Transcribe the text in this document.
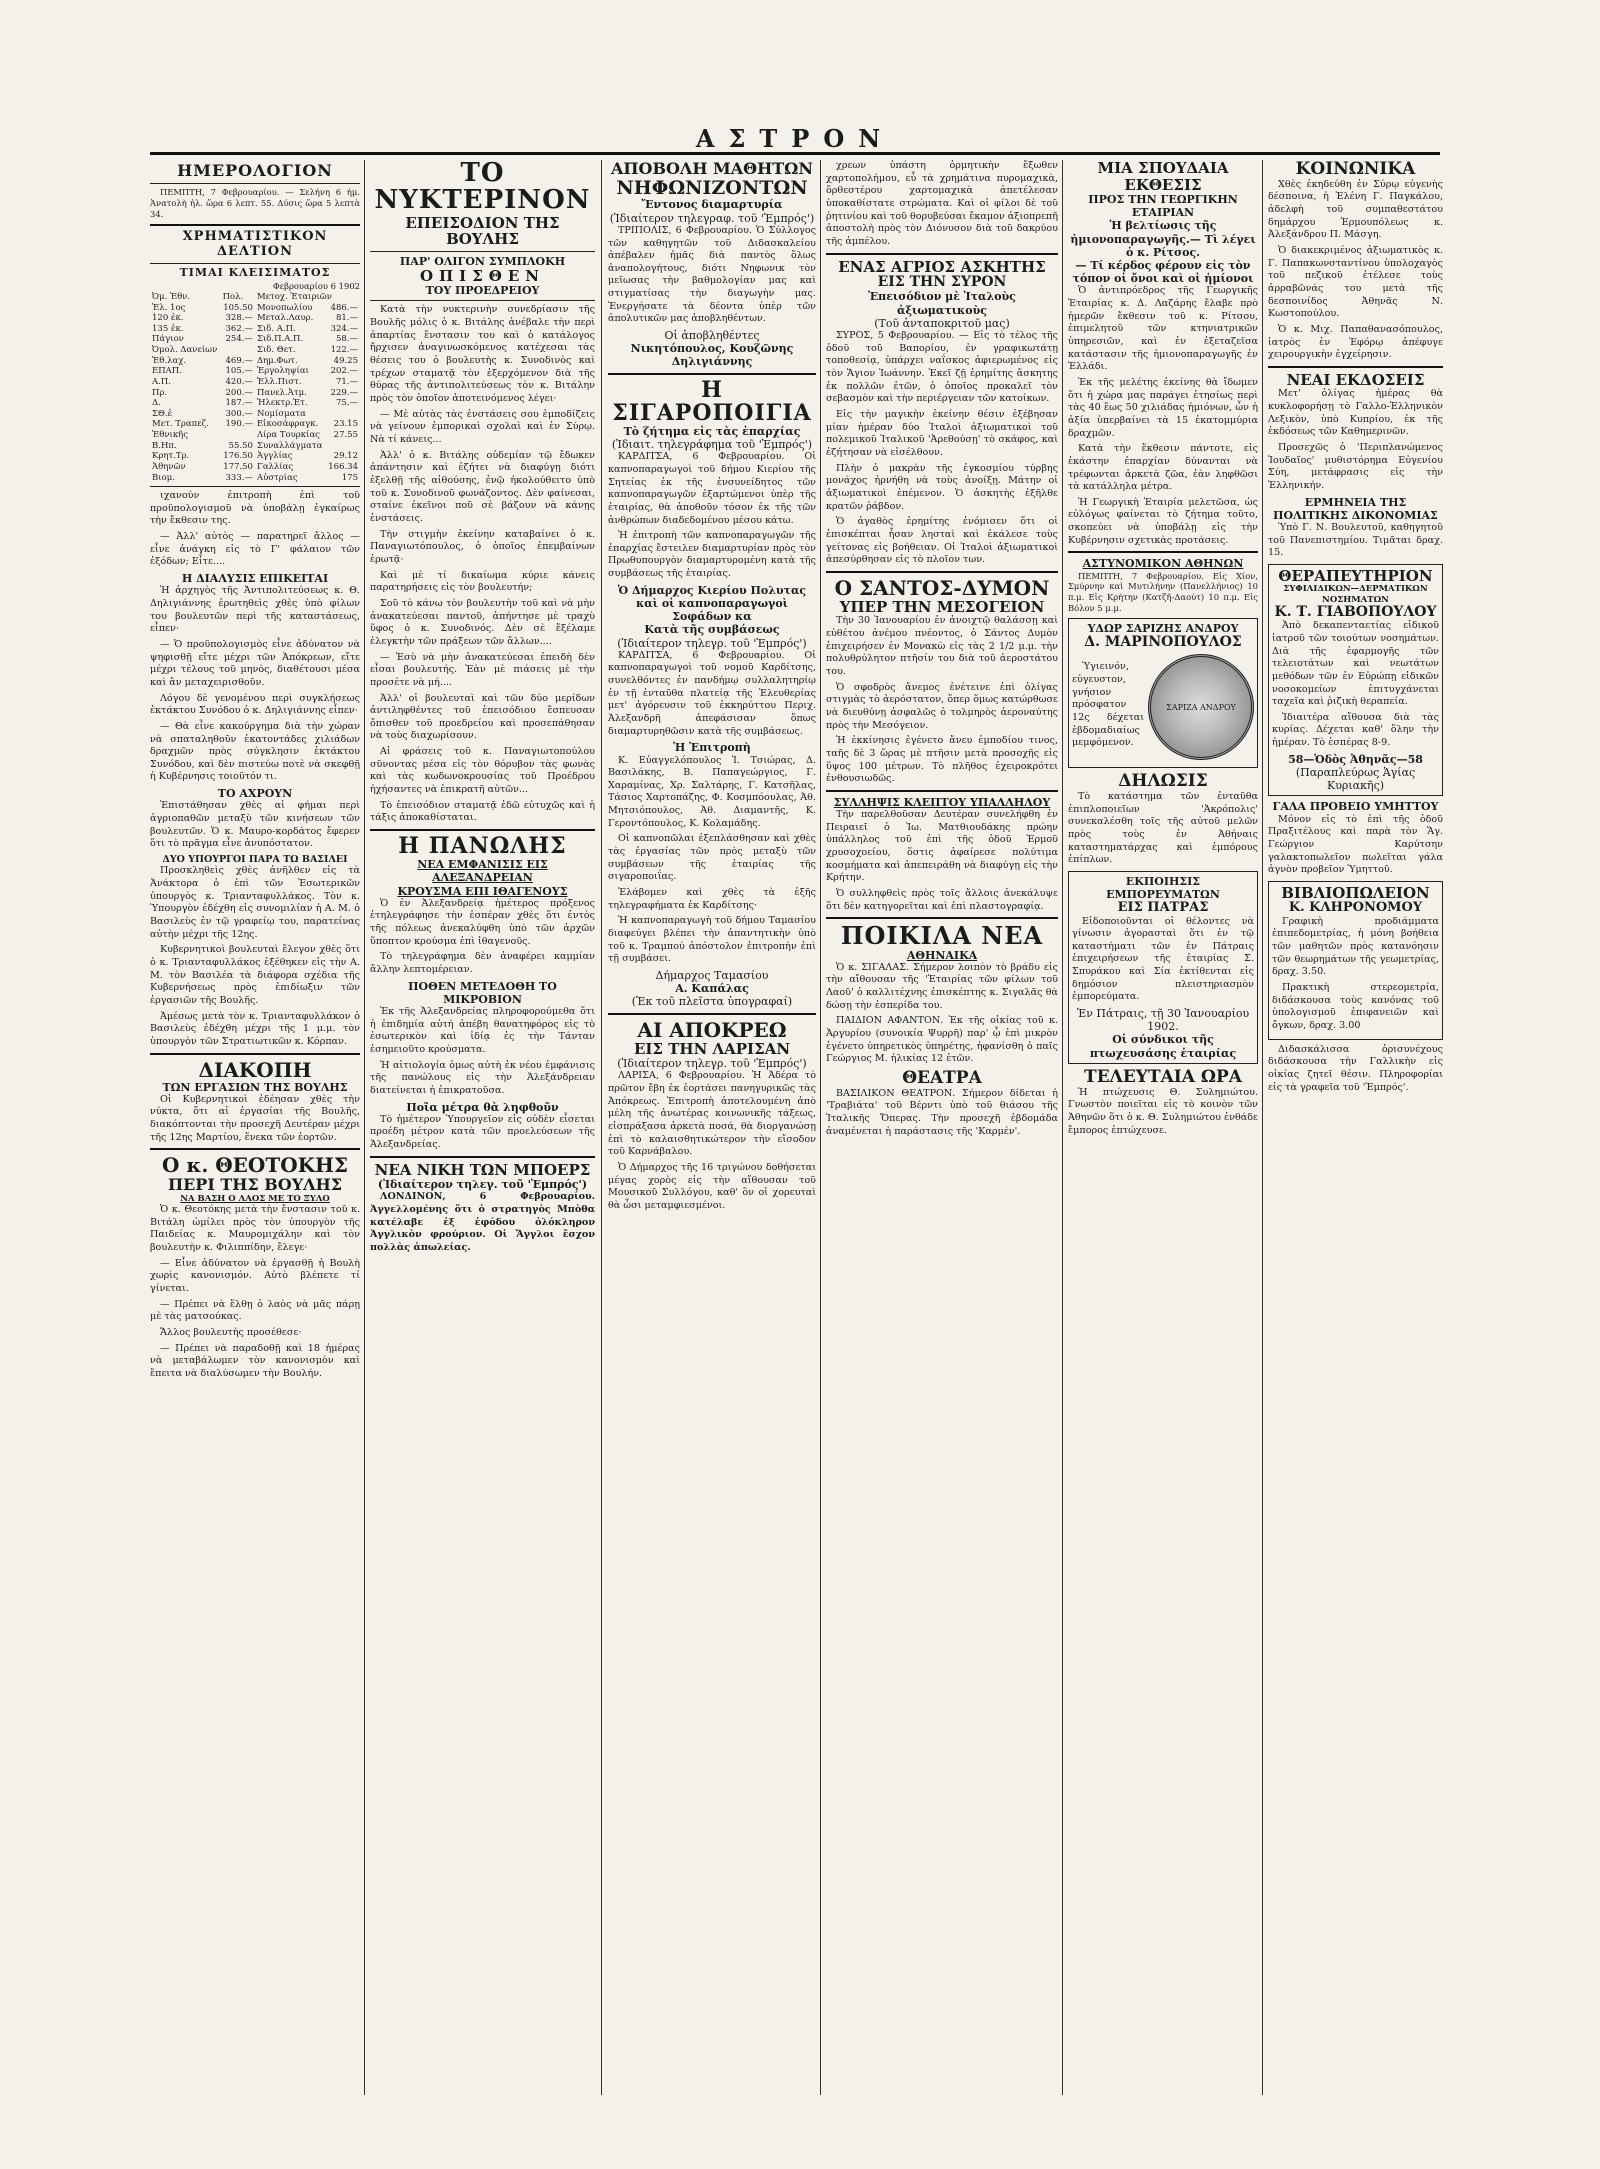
ΑΣΤΡΟΝ
ΗΜΕΡΟΛΟΓΙΟΝ

ΠΕΜΠΤΗ, 7 Φεβρουαρίου. — Σελήνη 6 ήμ. Ἀνατολὴ ἡλ. ὥρα 6 λεπτ. 55. Δύσις ὥρα 5 λεπτὰ 34.

ΧΡΗΜΑΤΙΣΤΙΚΟΝ ΔΕΛΤΙΟΝ
ΤΙΜΑΙ ΚΛΕΙΣΙΜΑΤΟΣ
Φεβρουαρίου 6 1902
Ὀμ. Ἐθν.	Πολ.	Μετοχ. Ἐταιριῶν	
Ἐλ. 1ος	105.50	Μονοπωλίου	486.—
120 ἐκ.	328.—	Μεταλ.Λαυρ.	81.—
135 ἐκ.	362.—	Σιδ. Α.Π.	324.—
Πάγιον	254.—	Σιδ.Π.Α.Π.	58.—
Ὀμολ. Δανείων		Σιδ. Θετ.	122.—
Ἐθ.λαχ.	469.—	Δημ.Φωτ.	49.25
ΕΠΑΠ.	105.—	Ἐργοληψίαι	202.—
Α.Π.	420.—	Ἑλλ.Πιστ.	71.—
Πρ.	200.—	Πανελ.Ἀτμ.	229.—
Δ.	187.—	Ἠλεκτρ.Ἑτ.	75.—
ΣΘ.ἐ	300.—	Νομίσματα	
Μετ. Τραπεζ.	190.—	Εἰκοσάφραγκ.	23.15
Ἐθνικῆς		Λίρα Τουρκίας	27.55
Β.Ηπ.	55.50	Συναλλάγματα	
Κρητ.Τρ.	176.50	Ἀγγλίας	29.12
Ἀθηνῶν	177.50	Γαλλίας	166.34
Βιομ.	333.—	Αὐστρίας	175

ιχανούν ἐπιτροπὴ ἐπὶ τοῦ προϋπολογισμοῦ νὰ ὑποβάλῃ ἐγκαίρως τὴν ἔκθεσιν της.

— Ἀλλ' αὐτὸς — παρατηρεῖ ἄλλος — εἶνε ἀνάγκη εἰς τὸ Γ' φάλαιον τῶν ἐξόδων; Εἶτε....

Η ΔΙΑΛΥΣΙΣ ΕΠΙΚΕΙΤΑΙ

Ἡ ἀρχηγὸς τῆς Ἀντιπολιτεύσεως κ. Θ. Δηλιγιάννης ἐρωτηθεὶς χθὲς ὑπὸ φίλων του βουλευτῶν περὶ τῆς καταστάσεως, εἶπεν·

— Ὁ προϋπολογισμὸς εἶνε ἀδύνατον νὰ ψηφισθῇ εἴτε μέχρι τῶν Ἀπόκρεων, εἴτε μέχρι τέλους τοῦ μηνὸς, διαθέτουσι μέσα καὶ ἂν μεταχειρισθοῦν.

Λόγου δὲ γενομένου περὶ συγκλήσεως ἐκτάκτου Συνόδου ὁ κ. Δηλιγιάννης εἶπεν·

— Θὰ εἶνε κακούργημα διὰ τὴν χώραν νὰ σπαταληθοῦν ἑκατοντάδες χιλιάδων δραχμῶν πρὸς σύγκλησιν ἐκτάκτου Συνόδου, καὶ δὲν πιστεύω ποτὲ νὰ σκεφθῇ ἡ Κυβέρνησις τοιοῦτόν τι.

ΤΟ ΑΧΡΟΥΝ

Ἐπιστάθησαν χθὲς αἱ φήμαι περὶ ἀγριοπαθῶν μεταξὺ τῶν κινήσεων τῶν βουλευτῶν. Ὁ κ. Μαυρο-κορδάτος ἔφερεν ὅτι τὸ πρᾶγμα εἶνε ἀνυπόστατον.

ΔΥΟ ΥΠΟΥΡΓΟΙ ΠΑΡΑ ΤΩ ΒΑΣΙΛΕΙ

Προσκληθεὶς χθὲς ἀνῆλθεν εἰς τὰ Ἀνάκτορα ὁ ἐπὶ τῶν Ἐσωτερικῶν ὑπουργὸς κ. Τριανταφυλλάκος. Τὸν κ. Ὑπουργὸν ἐδέχθη εἰς συνομιλίαν ἡ Α. Μ. ὁ Βασιλεὺς ἐν τῷ γραφείῳ του, παρατείνας αὐτὴν μέχρι τῆς 12ης.

Κυβερνητικοὶ βουλευταὶ ἔλεγον χθὲς ὅτι ὁ κ. Τριανταφυλλάκος ἐξέθηκεν εἰς τὴν Α. Μ. τὸν Βασιλέα τὰ διάφορα σχέδια τῆς Κυβερνήσεως πρὸς ἐπιδίωξιν τῶν ἐργασιῶν τῆς Βουλῆς.

Ἀμέσως μετὰ τὸν κ. Τριανταφυλλάκον ὁ Βασιλεὺς ἐδέχθη μέχρι τῆς 1 μ.μ. τὸν ὑπουργὸν τῶν Στρατιωτικῶν κ. Κόρπαν.

ΔΙΑΚΟΠΗ
ΤΩΝ ΕΡΓΑΣΙΩΝ ΤΗΣ ΒΟΥΛΗΣ

Οἱ Κυβερνητικοὶ ἐδέησαν χθὲς τὴν νύκτα, ὅτι αἱ ἐργασίαι τῆς Βουλῆς, διακόπτονται τὴν προσεχῆ Δευτέραν μέχρι τῆς 12ης Μαρτίου, ἕνεκα τῶν ἑορτῶν.

Ο κ. ΘΕΟΤΟΚΗΣ
ΠΕΡΙ ΤΗΣ ΒΟΥΛΗΣ
ΝΑ ΒΑΣΗ Ο ΛΑΟΣ ΜΕ ΤΟ ΞΥΛΟ

Ὁ κ. Θεοτόκης μετὰ τὴν ἔνστασιν τοῦ κ. Βιτάλη ὡμίλει πρὸς τὸν ὑπουργὸν τῆς Παιδείας κ. Μαυρομιχάλην καὶ τὸν βουλευτὴν κ. Φιλιππίδην, ἔλεγε·

— Εἶνε ἀδύνατον νὰ ἐργασθῇ ἡ Βουλὴ χωρὶς κανονισμόν. Αὐτὸ βλέπετε τί γίνεται.

— Πρέπει νὰ ἔλθῃ ὁ λαὸς νὰ μᾶς πάρῃ μὲ τὰς ματσούκας.

Ἄλλος βουλευτὴς προσέθεσε·

— Πρέπει νὰ παραδοθῇ καὶ 18 ἡμέρας νὰ μεταβάλωμεν τὸν κανονισμὸν καὶ ἔπειτα νὰ διαλύσωμεν τὴν Βουλήν.

ΤΟ ΝΥΚΤΕΡΙΝΟΝ
ΕΠΕΙΣΟΔΙΟΝ ΤΗΣ ΒΟΥΛΗΣ
ΠΑΡ' ΟΛΙΓΟΝ ΣΥΜΠΛΟΚΗ
ΟΠΙΣΘΕΝ
ΤΟΥ ΠΡΟΕΔΡΕΙΟΥ

Κατὰ τὴν νυκτερινὴν συνεδρίασιν τῆς Βουλῆς μόλις ὁ κ. Βιτάλης ἀνέβαλε τὴν περὶ ἀπαρτίας ἔνστασιν του καὶ ὁ κατάλογος ἤρχισεν ἀναγινωσκόμενος κατέχεσαι τὰς θέσεις του ὁ βουλευτὴς κ. Συνοδινὸς καὶ τρέχων σταματᾷ τὸν ἐξερχόμενον διὰ τῆς θύρας τῆς ἀντιπολιτεύσεως τὸν κ. Βιτάλην πρὸς τὸν ὁποῖον ἀποτεινόμενος λέγει·

— Μὲ αὐτὰς τὰς ἐνστάσεις σου ἐμποδίζεις νὰ γείνουν ἐμπορικαὶ σχολαὶ καὶ ἐν Σύρῳ. Νὰ τί κάνεις...

Ἀλλ' ὁ κ. Βιτάλης οὐδεμίαν τῷ ἔδωκεν ἀπάντησιν καὶ ἐζήτει νὰ διαφύγῃ διότι ἐξελθῇ τῆς αἰθούσης, ἐνῷ ἠκολούθειτο ὑπὸ τοῦ κ. Συνοδινοῦ φωνάζοντος. Δὲν φαίνεσαι, σταίνε ἐκεῖνοι ποῦ σὲ βάζουν νὰ κάνῃς ἐνστάσεις.

Τὴν στιγμὴν ἐκείνην καταβαίνει ὁ κ. Παναγιωτόπουλος, ὁ ὁποῖος ἐπεμβαίνων ἐρωτᾷ·

Καὶ μὲ τί δικαίωμα κύριε κάνεις παρατηρήσεις εἰς τὸν βουλευτήν;

Σοῦ τὸ κάνω τὸν βουλευτὴν τοῦ καὶ νὰ μὴν ἀνακατεύεσαι παντοῦ, ἀπήντησε μὲ τραχὺ ὕφος ὁ κ. Συνοδινός. Δὲν σὲ ἔξέλαμε ἐλεγκτὴν τῶν πράξεων τῶν ἄλλων....

— Ἐσὺ νὰ μὴν ἀνακατεύεσαι ἐπειδὴ δὲν εἶσαι βουλευτής. Ἐὰν μὲ πιάσεις μὲ τὴν προσέτε νὰ μή....

Ἀλλ' οἱ βουλευταὶ καὶ τῶν δύο μερίδων ἀντιληφθέντες τοῦ ἐπεισόδιου ἔσπευσαν ὄπισθεν τοῦ προεδρείου καὶ προσεπάθησαν νὰ τοὺς διαχωρίσουν.

Αἱ φράσεις τοῦ κ. Παναγιωτοπούλου σῦνοντας μέσα εἰς τὸν θόρυβον τὰς φωνὰς καὶ τὰς κωδωνοκρουσίας τοῦ Προέδρου ἠχήσαντες νὰ ἐπικρατῆ αὐτῶν...

Τὸ ἐπεισόδιον σταματᾷ ἐδῶ εὐτυχῶς καὶ ἡ τάξις ἀποκαθίσταται.

Η ΠΑΝΩΛΗΣ
ΝΕΑ ΕΜΦΑΝΙΣΙΣ ΕΙΣ ΑΛΕΞΑΝΔΡΕΙΑΝ
ΚΡΟΥΣΜΑ ΕΠΙ ΙΘΑΓΕΝΟΥΣ

Ὁ ἐν Ἀλεξανδρείᾳ ἡμέτερος πρόξενος ἐτηλεγράφησε τὴν ἑσπέραν χθὲς ὅτι ἐντὸς τῆς πόλεως ἀνεκαλύφθη ὑπὸ τῶν ἀρχῶν ὕποπτον κρούσμα ἐπὶ ἰθαγενοῦς.

Τὸ τηλεγράφημα δὲν ἀναφέρει καμμίαν ἄλλην λεπτομέρειαν.

ΠΟΘΕΝ ΜΕΤΕΔΟΘΗ ΤΟ ΜΙΚΡΟΒΙΟΝ

Ἐκ τῆς Ἀλεξανδρείας πληροφορούμεθα ὅτι ἡ ἐπιδημία αὐτή ἀπέβη θανατηφόρος εἰς τὸ ἐσωτερικὸν καὶ ἰδίᾳ ἐς τὴν Τάνταν ἐσημειοῦτο κρούσματα.

Ἡ αἰτιολογία ὁμως αὐτὴ ἐκ νέου ἐμφάνισις τῆς πανώλους εἰς τὴν Ἀλεξάνδρειαν διατείνεται ἡ ἐπικρατοῦσα.

Ποῖα μέτρα θὰ ληφθοῦν

Τὸ ἡμέτερον Ὑπουργεῖον εἰς οὐδὲν εἶσεται προέδη μέτρον κατὰ τῶν προελεύσεων τῆς Ἀλεξανδρείας.

ΝΕΑ ΝΙΚΗ ΤΩΝ ΜΠΟΕΡΣ
(Ἰδιαίτερον τηλεγ. τοῦ 'Ἐμπρός')

ΛΟΝΔΙΝΟΝ, 6 Φεβρουαρίου. Ἀγγελλομένης ὅτι ὁ στρατηγὸς Μπὸθα κατέλαβε ἐξ ἐφόδου ὁλόκληρον Ἀγγλικὸν φρούριον. Οἱ Ἄγγλοι ἔσχον πολλὰς ἀπωλείας.

ΑΠΟΒΟΛΗ ΜΑΘΗΤΩΝ
ΝΗΦΩΝΙΖΟΝΤΩΝ
Ἔντονος διαμαρτυρία
(Ἰδιαίτερον τηλεγραφ. τοῦ 'Ἐμπρός')

ΤΡΙΠΟΛΙΣ, 6 Φεβρουαρίου. Ὁ Σύλλογος τῶν καθηγητῶν τοῦ Διδασκαλείου ἀπέβαλεν ἡμᾶς διὰ παντὸς ὅλως ἀναπολογήτους, διότι Νηφωνικ τὸν μεῖωσας τὴν βαθμολογίαν μας καὶ στιγματίσας τὴν διαγωγὴν μας. Ἐνεργήσατε τὰ δέοντα ὑπὲρ τῶν ἀπολυτικῶν μας ἀποβληθέντων.

Οἱ ἀποβληθέντες
Νικητόπουλος, Κουζῶνης Δηλιγιάννης
Η ΣΙΓΑΡΟΠΟΙΓΙΑ
Τὸ ζήτημα εἰς τὰς ἐπαρχίας
(Ἰδιαιτ. τηλεγράφημα τοῦ 'Ἐμπρός')

ΚΑΡΔΙΤΣΑ, 6 Φεβρουαρίου. Οἱ καπνοπαραγωγοὶ τοῦ δήμου Κιερίου τῆς Σητείας ἐκ τῆς ἐνσυνείδητος τῶν καπνοπαραγωγῶν ἐξαρτώμενοι ὑπὲρ τῆς ἑταιρίας, θὰ ἀποθοῦν τόσον ἐκ τῆς τῶν ἀνθρώπων διαδεδομένου μέσου κάτω.

Ἡ ἐπιτροπὴ τῶν καπνοπαραγωγῶν τῆς ἐπαρχίας ἔστειλεν διαμαρτυρίαν πρὸς τὸν Πρωθυπουργὸν διαμαρτυρομένη κατὰ τῆς συμβάσεως τῆς ἑταιρίας.

Ὁ Δήμαρχος Κιερίου Πολυτας καὶ οἱ καπνοπαραγωγοὶ Σοφάδων κα
Κατὰ τῆς συμβάσεως
(Ἰδιαίτερον τηλεγρ. τοῦ 'Ἐμπρός')

ΚΑΡΔΙΤΣΑ, 6 Φεβρουαρίου. Οἱ καπνοπαραγωγοὶ τοῦ νομοῦ Καρδίτσης, συνελθόντες ἐν πανδήμῳ συλλαλητηρίῳ ἐν τῇ ἐνταῦθα πλατείᾳ τῆς Ἐλευθερίας μετ' ἀγόρευσιν τοῦ ἐκκηρύττου Περιχ. Ἀλεξανδρῆ ἀπεφάσισαν ὅπως διαμαρτυρηθῶσιν κατὰ τῆς συμβάσεως.

Ἡ Ἐπιτροπὴ

Κ. Εὐαγγελόπουλος Ἰ. Τσιώρας, Δ. Βασιλάκης, Β. Παπαγεώργιος, Γ. Χαραμίνας, Χρ. Σαλτάρης, Γ. Κατσῆλας, Τάσιος Χαρτοπάζης, Φ. Κοσμπόουλας, Ἀθ. Μητσιόπουλος, Ἀθ. Διαμαντῆς, Κ. Γεροντόπουλος, Κ. Κολαμάδης.

Οἱ καπνοπῶλαι ἐξεπλάσθησαν καὶ χθὲς τὰς ἐργασίας τῶν πρὸς μεταξὺ τῶν συμβάσεων τῆς ἑταιρίας τῆς σιγαροποιΐας.

Ἐλάβομεν καὶ χθὲς τὰ ἑξῆς τηλεγραφήματα ἐκ Καρδίτσης·

Ἡ καπνοπαραγωγὴ τοῦ δήμου Ταμασίου διαφεύγει βλέπει τὴν ἀπαντητικὴν ὑπὸ τοῦ κ. Τραμπού ἀπόστολον ἐπιτροπὴν ἐπὶ τῇ συμβάσει.

Δήμαρχος Ταμασίου
Α. Καπάλας
(Ἐκ τοῦ πλεῖστα ὑπογραφαί)
ΑΙ ΑΠΟΚΡΕΩ
ΕΙΣ ΤΗΝ ΛΑΡΙΣΑΝ
(Ἰδιαίτερον τηλεγρ. τοῦ 'Ἐμπρός')

ΛΑΡΙΣΑ, 6 Φεβρουαρίου. Ἡ Ἀδέρα τὸ πρῶτον ἔβη ἐκ ἑορτάσει πανηγυρικῶς τὰς Ἀπόκρεως. Ἐπιτροπὴ ἀποτελουμένη ἀπὸ μέλη τῆς ἀνωτέρας κοινωνικῆς τάξεως, εἰσπράξασα ἀρκετὰ ποσά, θὰ διοργανώσῃ ἐπὶ τὸ καλαισθητικώτερον τὴν εἴσοδον τοῦ Καρνάβαλου.

Ὁ Δήμαρχος τῆς 16 τριγώνου δοθήσεται μέγας χορὸς εἰς τὴν αἴθουσαν τοῦ Μουσικοῦ Συλλόγου, καθ' ὃν οἱ χορευταὶ θὰ ὦσι μεταμφιεσμένοι.

χρεων ὑπάστη ὁρμητικὴν ἔξωθεν χαρτοπολήμου, εὖ τὰ χρημάτινα πυρομαχικὰ, ὅρθεστέρου χαρτομαχικὰ ἀπετέλεσαν ὑποκαθίστατε στρώματα. Καὶ οἱ φίλοι δὲ τοῦ ῥητινίου καὶ τοῦ θορυβεύσαι ἔκαμον ἀξιοπρεπῆ ἀποστολὴ πρὸς τὸν Διόνυσον διὰ τοῦ δακρύου τῆς ἀμπέλου.

ΕΝΑΣ ΑΓΡΙΟΣ ΑΣΚΗΤΗΣ
ΕΙΣ ΤΗΝ ΣΥΡΟΝ
Ἐπεισόδιον μὲ Ἰταλοὺς ἀξιωματικοὺς
(Τοῦ ἀνταποκριτοῦ μας)

ΣΥΡΟΣ, 5 Φεβρουαρίου. — Εἰς τὸ τέλος τῆς ὁδοῦ τοῦ Βαπορίου, ἐν γραφικωτάτῃ τοποθεσίᾳ, ὑπάρχει ναΐσκος ἀφιερωμένος εἰς τὸν Ἅγιον Ἰωάννην. Ἐκεῖ ζῇ ἐρημίτης ἄσκητης ἐκ πολλῶν ἐτῶν, ὁ ὁποῖος προκαλεῖ τὸν σεβασμὸν καὶ τὴν περιέργειαν τῶν κατοίκων.

Εἰς τὴν μαγικὴν ἐκείνην θέσιν ἐξέβησαν μίαν ἡμέραν δύο Ἰταλοὶ ἀξιωματικοὶ τοῦ πολεμικοῦ Ἰταλικοῦ 'Ἀρεθούσῃ' τὸ σκάφος, καὶ ἐζήτησαν νὰ εἰσέλθουν.

Πλὴν ὁ μακρὰν τῆς ἐγκοσμίου τύρβης μονάχος ἠρνήθη νὰ τοὺς ἀνοίξῃ. Μάτην οἱ ἀξιωματικοὶ ἐπέμενον. Ὁ ἀσκητὴς ἐξῆλθε κρατῶν ῥάβδον.

Ὁ ἀγαθὸς ἐρημίτης ἐνόμισεν ὅτι οἱ ἐπισκέπται ἦσαν λησταὶ καὶ ἐκάλεσε τοὺς γείτονας εἰς βοήθειαν. Οἱ Ἰταλοὶ ἀξιωματικοὶ ἀπεσύρθησαν εἰς τὸ πλοῖον των.

Ο ΣΑΝΤΟΣ-ΔΥΜΟΝ
ΥΠΕΡ ΤΗΝ ΜΕΣΟΓΕΙΟΝ

Τὴν 30 Ἰανουαρίου ἐν ἀνοιχτῷ θαλάσσῃ καὶ εὐθέτου ἀνέμου πνέοντος, ὁ Σάντος Δυμὸν ἐπιχειρήσεν ἐν Μονακὼ εἰς τὰς 2 1/2 μ.μ. τὴν πολυθρύλητον πτῆσίν του διὰ τοῦ ἀεροστάτου του.

Ὁ σφοδρὸς ἄνεμος ἐνέτεινε ἐπὶ ὀλίγας στιγμὰς τὸ ἀερόστατον, ὅπερ ὅμως κατώρθωσε νὰ διευθύνῃ ἀσφαλῶς ὁ τολμηρὸς ἀεροναύτης πρὸς τὴν Μεσόγειον.

Ἡ ἐκκίνησις ἐγένετο ἄνευ ἐμποδίου τινος, ταῆς δὲ 3 ὥρας μὲ πτῆσιν μετὰ προσοχῆς εἰς ὕψος 100 μέτρων. Τὸ πλῆθος ἐχειροκρότει ἐνθουσιωδῶς.

ΣΥΛΛΗΨΙΣ ΚΛΕΠΤΟΥ ΥΠΑΛΛΗΛΟΥ

Τὴν παρελθοῦσαν Δευτέραν συνελήφθη ἐν Πειραιεῖ ὁ Ἰω. Ματθιουδάκης πρώην ὑπάλληλος τοῦ ἐπὶ τῆς ὁδοῦ Ἑρμοῦ χρυσοχοείου, ὅστις ἀφαίρεσε πολύτιμα κοσμήματα καὶ ἀπεπειράθη νὰ διαφύγῃ εἰς τὴν Κρήτην.

Ὁ συλληφθεὶς πρὸς τοῖς ἄλλοις ἀνεκάλυψε ὅτι δὲν κατηγορεῖται καὶ ἐπὶ πλαστογραφίᾳ.

ΠΟΙΚΙΛΑ ΝΕΑ
ΑΘΗΝΑΙΚΑ

Ὁ κ. ΣΙΓΑΛΑΣ. Σήμερον λοιπὸν τὸ βράδυ εἰς τὴν αἴθουσαν τῆς 'Ἑταιρίας τῶν φίλων τοῦ Λαοῦ' ὁ καλλιτέχνης ἐπισκέπτης κ. Σιγαλᾶς θὰ δώσῃ τὴν ἐσπερίδα του.

ΠΑΙΔΙΟΝ ΑΦΑΝΤΟΝ. Ἐκ τῆς οἰκίας τοῦ κ. Ἀργυρίου (συνοικία Ψυρρῆ) παρ' ᾧ ἐπὶ μικρὸν ἐγένετο ὑπηρετικὸς ὑπηρέτης, ἠφανίσθη ὁ παῖς Γεώργιος Μ. ἡλικίας 12 ἐτῶν.

ΘΕΑΤΡΑ

ΒΑΣΙΛΙΚΟΝ ΘΕΑΤΡΟΝ. Σήμερον δίδεται ἡ 'Τραβιάτα' τοῦ Βέρντι ὑπὸ τοῦ θιάσου τῆς Ἰταλικῆς Ὄπερας. Τὴν προσεχῆ ἑβδομάδα ἀναμένεται ἡ παράστασις τῆς 'Καρμέν'.

ΜΙΑ ΣΠΟΥΔΑΙΑ ΕΚΘΕΣΙΣ
ΠΡΟΣ ΤΗΝ ΓΕΩΡΓΙΚΗΝ ΕΤΑΙΡΙΑΝ
Ἡ βελτίωσις τῆς ἡμιονοπαραγωγῆς.— Τὶ λέγει ὁ κ. Ρίτσος.
— Τί κέρδος φέρουν εἰς τὸν τόπον οἱ ὄνοι καὶ οἱ ἡμίονοι

Ὁ ἀντιπρόεδρος τῆς Γεωργικῆς Ἑταιρίας κ. Δ. Λαζάρης ἔλαβε πρὸ ἡμερῶν ἔκθεσιν τοῦ κ. Ρίτσου, ἐπιμελητοῦ τῶν κτηνιατρικῶν ὑπηρεσιῶν, καὶ ἐν ἐξεταζεῖσα κατάστασιν τῆς ἡμιονοπαραγωγῆς ἐν Ἑλλάδι.

Ἐκ τῆς μελέτης ἐκείνης θὰ ἴδωμεν ὅτι ἡ χώρα μας παράγει ἐτησίως περὶ τὰς 40 ἕως 50 χιλιάδας ἡμιόνων, ὧν ἡ ἀξία ὑπερβαίνει τὰ 15 ἑκατομμύρια δραχμῶν.

Κατὰ τὴν ἔκθεσιν πάντοτε, εἰς ἑκάστην ἐπαρχίαν δύνανται νὰ τρέφωνται ἀρκετὰ ζῶα, ἐὰν ληφθῶσι τὰ κατάλληλα μέτρα.

Ἡ Γεωργικὴ Ἑταιρία μελετῶσα, ὡς εὐλόγως φαίνεται τὸ ζήτημα τοῦτο, σκοπεύει νὰ ὑποβάλῃ εἰς τὴν Κυβέρνησιν σχετικὰς προτάσεις.

ΑΣΤΥΝΟΜΙΚΟΝ ΑΘΗΝΩΝ

ΠΕΜΠΤΗ, 7 Φεβρουαρίου. Εἰς Χίον, Σμύρνην καὶ Μυτιλήνην (Πανελλήνιος) 10 π.μ. Εἰς Κρήτην (Κατζῆ-Δαούτ) 10 π.μ. Εἰς Βόλον 5 μ.μ.

ΥΔΩΡ ΣΑΡΙΖΗΣ ΑΝΔΡΟΥ
Δ. ΜΑΡΙΝΟΠΟΥΛΟΣ

Ὑγιεινόν, εὐγευστον, γνήσιον πρόσφατον 12ς δέχεται ἑβδομαδιαίως μεμφόμενον.

ΣΑΡΙΖΑ ΑΝΔΡΟΥ
ΔΗΛΩΣΙΣ

Τὸ κατάστημα τῶν ἐνταῦθα ἐπιπλοποιεῖων 'Ἀκρόπολις' συνεκαλέσθη τοῖς τῆς αὐτοῦ μελῶν πρὸς τοὺς ἐν Ἀθήναις καταστηματάρχας καὶ ἐμπόρους ἐπίπλων.

ΕΚΠΟΙΗΣΙΣ ΕΜΠΟΡΕΥΜΑΤΩΝ
ΕΙΣ ΠΑΤΡΑΣ

Εἰδοποιοῦνται οἱ θέλοντες νὰ γίνωσιν ἀγορασταὶ ὅτι ἐν τῷ καταστήματι τῶν ἐν Πάτραις ἐπιχειρήσεων τῆς ἐταιρίας Σ. Σπυράκου καὶ Σία ἐκτίθενται εἰς δημόσιον πλειστηριασμὸν ἐμπορεύματα.

Ἐν Πάτραις, τῇ 30 Ἰανουαρίου 1902.
Οἱ σύνδικοι τῆς πτωχευσάσης ἑταιρίας
ΤΕΛΕΥΤΑΙΑ ΩΡΑ

Ἡ πτώχευσις Θ. Συλημιώτου. Γνωστὸν ποιεῖται εἰς τὸ κοινὸν τῶν Ἀθηνῶν ὅτι ὁ κ. Θ. Συλημιώτου ἐνθάδε ἔμπορος ἐπτώχευσε.

ΚΟΙΝΩΝΙΚΑ

Χθὲς ἐκηδεύθη ἐν Σύρῳ εὐγενὴς δέσποινα, ἡ Ἑλένη Γ. Παγκάλου, ἀδελφὴ τοῦ συμπαθεστάτου δημάρχου Ἑρμουπόλεως κ. Ἀλεξάνδρου Π. Μάσγη.

Ὁ διακεκριμένος ἀξιωματικὸς κ. Γ. Παπακωνσταντίνου ὑπολοχαγὸς τοῦ πεζικοῦ ἐτέλεσε τοὺς ἀρραβῶνάς του μετὰ τῆς δεσποινίδος Ἀθηνᾶς Ν. Κωστοπούλου.

Ὁ κ. Μιχ. Παπαθανασόπουλος, ἰατρὸς ἐν Ἐφόρῳ ἀπέφυγε χειρουργικὴν ἐγχείρησιν.

ΝΕΑΙ ΕΚΔΟΣΕΙΣ

Μετ' ὀλίγας ἡμέρας θὰ κυκλοφορήσῃ τὸ Γαλλο-Ἑλληνικὸν Λεξικὸν, ὑπὸ Κυπρίου, ἐκ τῆς ἐκδόσεως τῶν Καθημερινῶν.

Προσεχῶς ὁ 'Περιπλανώμενος Ἰουδαῖος' μυθιστόρημα Εὐγενίου Σύη, μετάφρασις εἰς τὴν Ἑλληνικήν.

ΕΡΜΗΝΕΙΑ ΤΗΣ ΠΟΛΙΤΙΚΗΣ ΔΙΚΟΝΟΜΙΑΣ

Ὑπὸ Γ. Ν. Βουλευτοῦ, καθηγητοῦ τοῦ Πανεπιστημίου. Τιμᾶται δραχ. 15.

ΘΕΡΑΠΕΥΤΗΡΙΟΝ
ΣΥΦΙΛΙΔΙΚΩΝ—ΔΕΡΜΑΤΙΚΩΝ ΝΟΣΗΜΑΤΩΝ
Κ. Τ. ΓΙΑΒΟΠΟΥΛΟΥ

Ἀπὸ δεκαπενταετίας εἰδικοῦ ἰατροῦ τῶν τοιούτων νοσημάτων. Διὰ τῆς ἐφαρμογῆς τῶν τελειοτάτων καὶ νεωτάτων μεθόδων τῶν ἐν Εὐρώπῃ εἰδικῶν νοσοκομείων ἐπιτυγχάνεται ταχεῖα καὶ ῥιζικὴ θεραπεία.

Ἰδιαιτέρα αἴθουσα διὰ τὰς κυρίας. Δέχεται καθ' ὅλην τὴν ἡμέραν. Τὸ ἑσπέρας 8-9.

58—Ὁδὸς Ἀθηνᾶς—58
(Παραπλεύρως Ἁγίας Κυριακῆς)
ΓΑΛΑ ΠΡΟΒΕΙΟ ΥΜΗΤΤΟΥ

Μόνον εἰς τὸ ἐπὶ τῆς ὁδοῦ Πραξιτέλους καὶ παρὰ τὸν Ἅγ. Γεώργιον Καρύτσην γαλακτοπωλεῖον πωλεῖται γάλα ἀγνὸν προβεῖον Ὑμηττοῦ.

ΒΙΒΛΙΟΠΩΛΕΙΟΝ
Κ. ΚΛΗΡΟΝΟΜΟΥ

Γραφικὴ προδιάμματα ἐπιπεδομετρίας, ἡ μόνη βοήθεια τῶν μαθητῶν πρὸς κατανόησιν τῶν θεωρημάτων τῆς γεωμετρίας, δραχ. 3.50.

Πρακτικὴ στερεομετρία, διδάσκουσα τοὺς κανόνας τοῦ ὑπολογισμοῦ ἐπιφανειῶν καὶ ὄγκων, δραχ. 3.00

Διδασκάλισσα ὀρισυνέχους διδάσκουσα τὴν Γαλλικὴν εἰς οἰκίας ζητεῖ θέσιν. Πληροφορίαι εἰς τὰ γραφεῖα τοῦ 'Ἐμπρός'.
